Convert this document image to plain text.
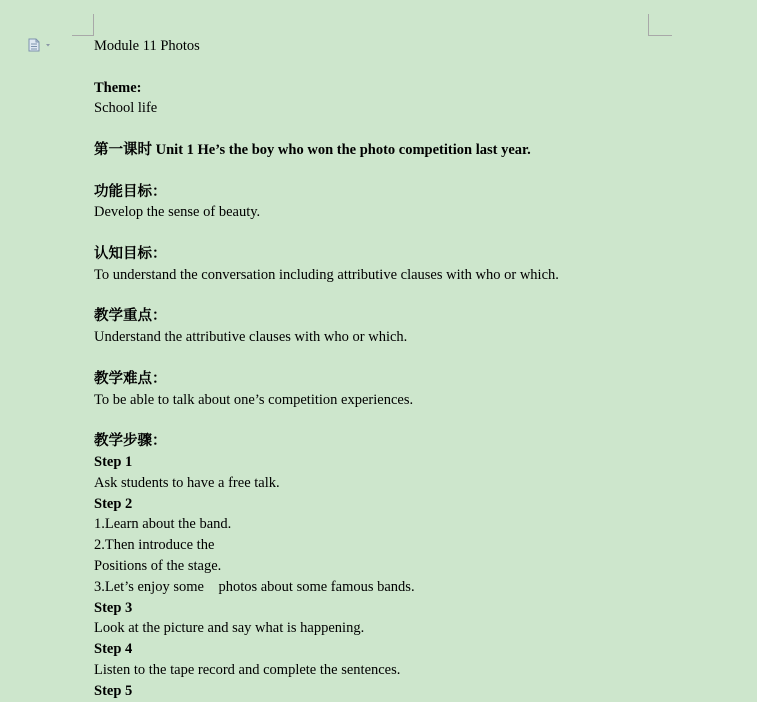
Module 11 Photos
Theme:
School life
第一课时 Unit 1 He’s the boy who won the photo competition last year.
功能目标：
Develop the sense of beauty.
认知目标：
To understand the conversation including attributive clauses with who or which.
教学重点：
Understand the attributive clauses with who or which.
教学难点：
To be able to talk about one’s competition experiences.
教学步骤：
Step 1
Ask students to have a free talk.
Step 2
1.Learn about the band.
2.Then introduce the
Positions of the stage.
3.Let’s enjoy some    photos about some famous bands.
Step 3
Look at the picture and say what is happening.
Step 4
Listen to the tape record and complete the sentences.
Step 5
